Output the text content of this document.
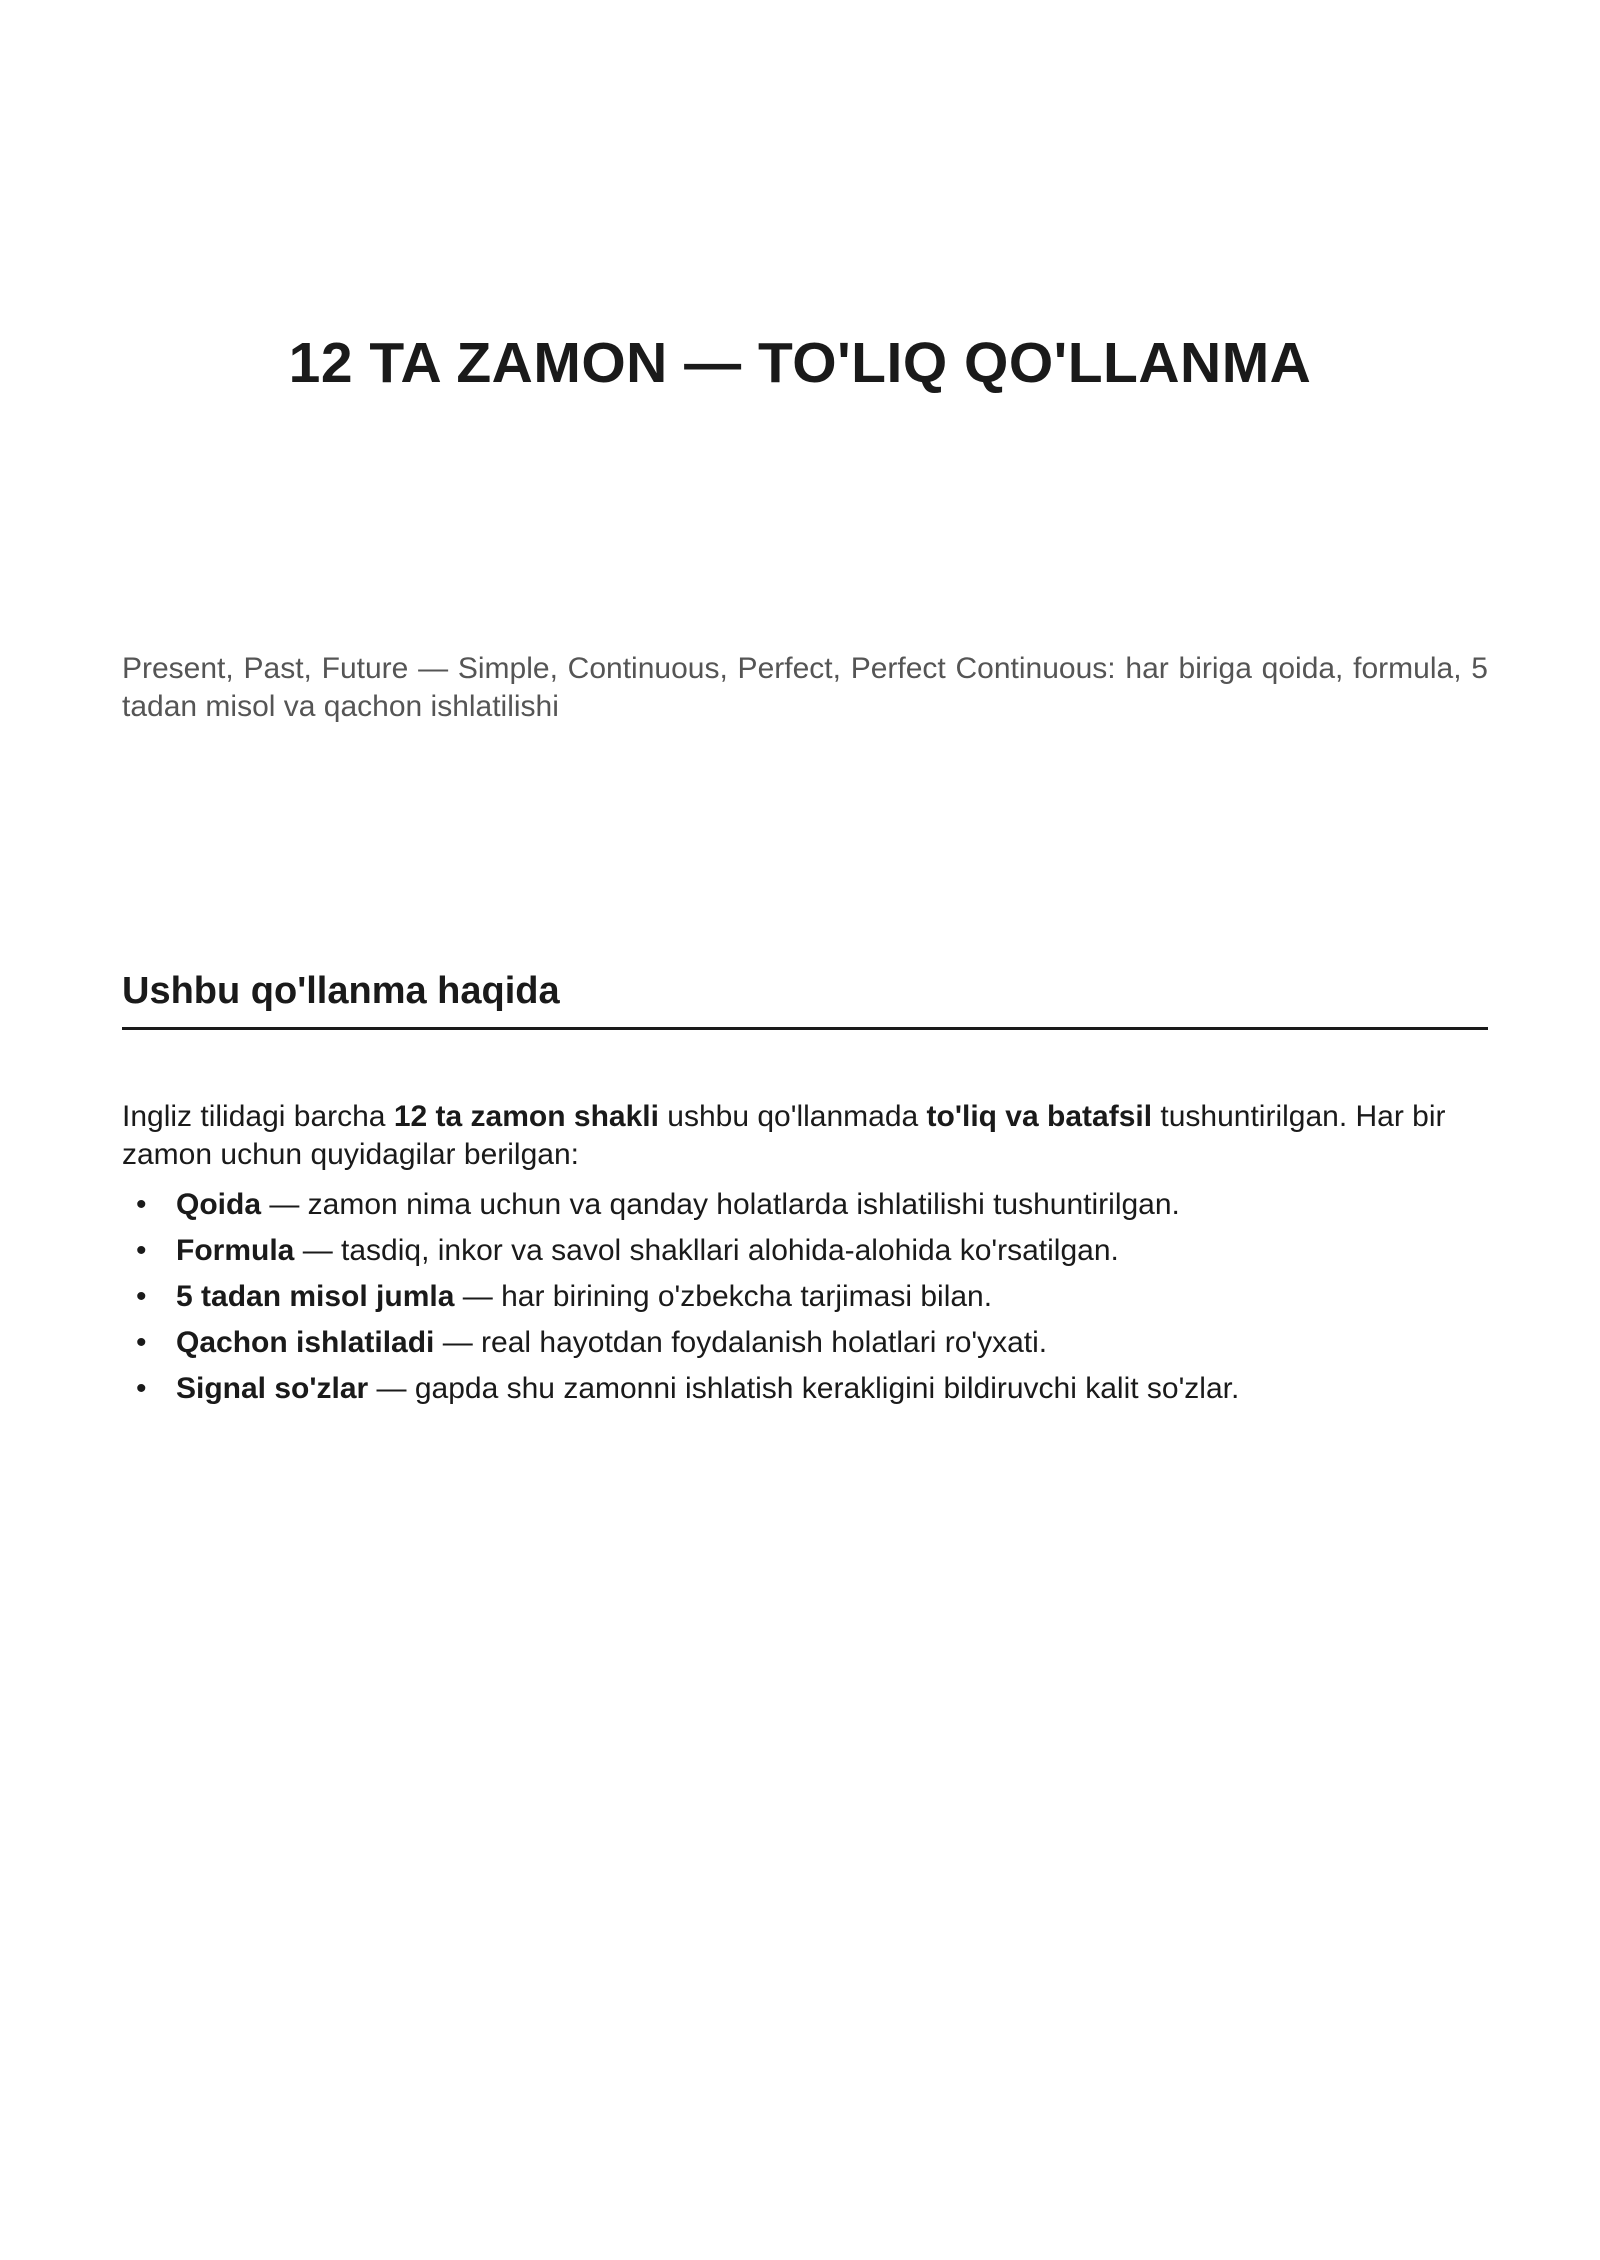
12 TA ZAMON — TO'LIQ QO'LLANMA

Present, Past, Future — Simple, Continuous, Perfect, Perfect Continuous: har biriga qoida, formula, 5 tadan misol va qachon ishlatilishi

Ushbu qo'llanma haqida

Ingliz tilidagi barcha 12 ta zamon shakli ushbu qo'llanmada to'liq va batafsil tushuntirilgan. Har bir zamon uchun quyidagilar berilgan:

• Qoida — zamon nima uchun va qanday holatlarda ishlatilishi tushuntirilgan.
• Formula — tasdiq, inkor va savol shakllari alohida-alohida ko'rsatilgan.
• 5 tadan misol jumla — har birining o'zbekcha tarjimasi bilan.
• Qachon ishlatiladi — real hayotdan foydalanish holatlari ro'yxati.
• Signal so'zlar — gapda shu zamonni ishlatish kerakligini bildiruvchi kalit so'zlar.
